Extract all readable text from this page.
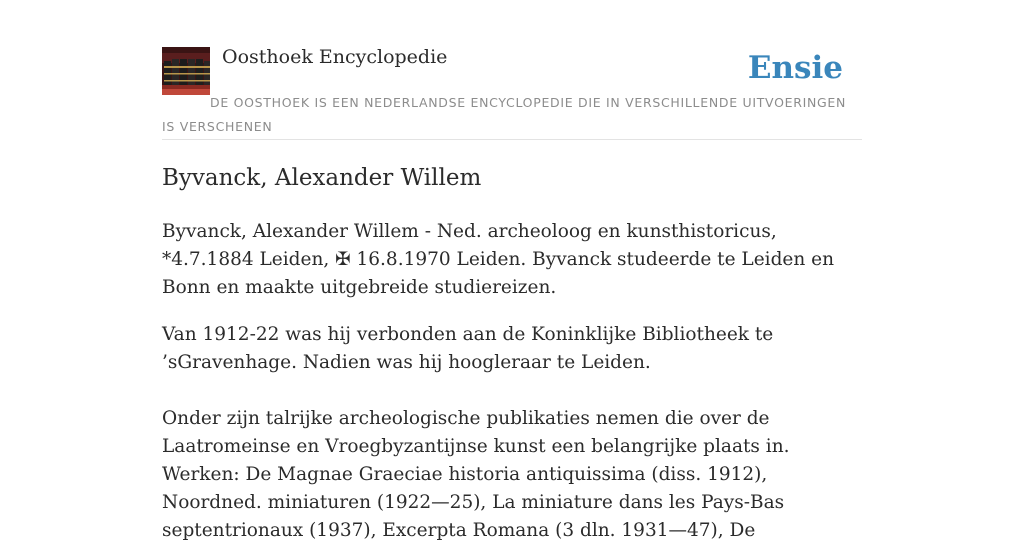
Oosthoek Encyclopedie	Ensie
DE OOSTHOEK IS EEN NEDERLANDSE ENCYCLOPEDIE DIE IN VERSCHILLENDE UITVOERINGEN IS VERSCHENEN
Byvanck, Alexander Willem

Byvanck, Alexander Willem - Ned. archeoloog en kunsthistoricus, *4.7.1884 Leiden, ✠ 16.8.1970 Leiden. Byvanck studeerde te Leiden en Bonn en maakte uitgebreide studiereizen.

Van 1912-22 was hij verbonden aan de Koninklijke Bibliotheek te ’sGravenhage. Nadien was hij hoogleraar te Leiden.

Onder zijn talrijke archeologische publikaties nemen die over de Laatromeinse en Vroegbyzantijnse kunst een belangrijke plaats in. Werken: De Magnae Graeciae historia antiquissima (diss. 1912), Noordned. miniaturen (1922—25), La miniature dans les Pays-Bas septentrionaux (1937), Excerpta Romana (3 dln. 1931—47), De
